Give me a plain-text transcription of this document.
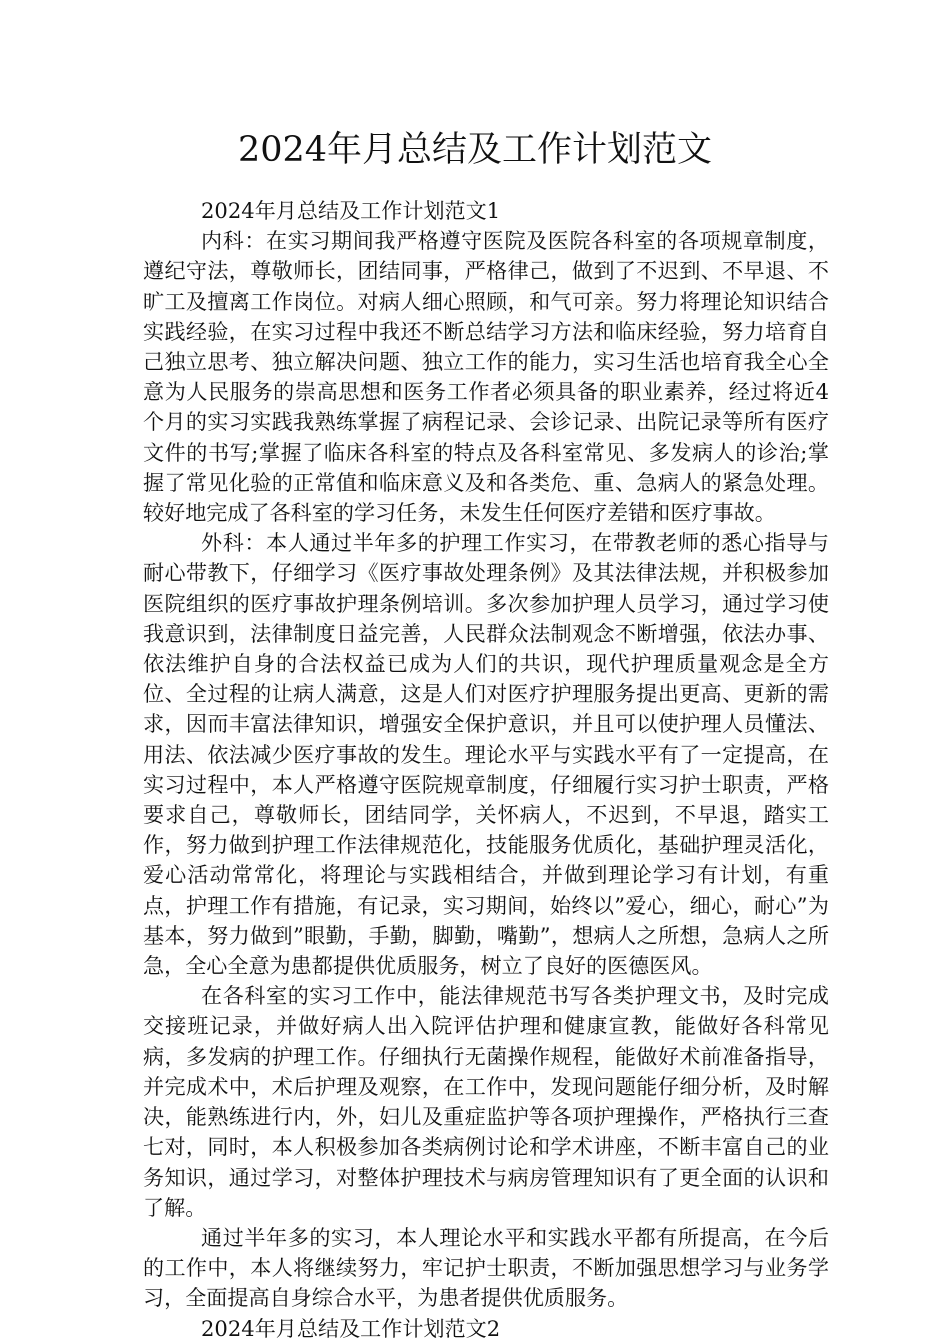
2024年月总结及工作计划范文

2024年月总结及工作计划范文1

内科：在实习期间我严格遵守医院及医院各科室的各项规章制度，遵纪守法，尊敬师长，团结同事，严格律己，做到了不迟到、不早退、不旷工及擅离工作岗位。对病人细心照顾，和气可亲。努力将理论知识结合实践经验，在实习过程中我还不断总结学习方法和临床经验，努力培育自己独立思考、独立解决问题、独立工作的能力，实习生活也培育我全心全意为人民服务的崇高思想和医务工作者必须具备的职业素养，经过将近4个月的实习实践我熟练掌握了病程记录、会诊记录、出院记录等所有医疗文件的书写;掌握了临床各科室的特点及各科室常见、多发病人的诊治;掌握了常见化验的正常值和临床意义及和各类危、重、急病人的紧急处理。较好地完成了各科室的学习任务，未发生任何医疗差错和医疗事故。

外科：本人通过半年多的护理工作实习，在带教老师的悉心指导与耐心带教下，仔细学习《医疗事故处理条例》及其法律法规，并积极参加医院组织的医疗事故护理条例培训。多次参加护理人员学习，通过学习使我意识到，法律制度日益完善，人民群众法制观念不断增强，依法办事、依法维护自身的合法权益已成为人们的共识，现代护理质量观念是全方位、全过程的让病人满意，这是人们对医疗护理服务提出更高、更新的需求，因而丰富法律知识，增强安全保护意识，并且可以使护理人员懂法、用法、依法减少医疗事故的发生。理论水平与实践水平有了一定提高，在实习过程中，本人严格遵守医院规章制度，仔细履行实习护士职责，严格要求自己，尊敬师长，团结同学，关怀病人，不迟到，不早退，踏实工作，努力做到护理工作法律规范化，技能服务优质化，基础护理灵活化，爱心活动常常化，将理论与实践相结合，并做到理论学习有计划，有重点，护理工作有措施，有记录，实习期间，始终以”爱心，细心，耐心”为基本，努力做到”眼勤，手勤，脚勤，嘴勤”，想病人之所想，急病人之所急，全心全意为患都提供优质服务，树立了良好的医德医风。

在各科室的实习工作中，能法律规范书写各类护理文书，及时完成交接班记录，并做好病人出入院评估护理和健康宣教，能做好各科常见病，多发病的护理工作。仔细执行无菌操作规程，能做好术前准备指导，并完成术中，术后护理及观察，在工作中，发现问题能仔细分析，及时解决，能熟练进行内，外，妇儿及重症监护等各项护理操作，严格执行三查七对，同时，本人积极参加各类病例讨论和学术讲座，不断丰富自己的业务知识，通过学习，对整体护理技术与病房管理知识有了更全面的认识和了解。

通过半年多的实习，本人理论水平和实践水平都有所提高，在今后的工作中，本人将继续努力，牢记护士职责，不断加强思想学习与业务学习，全面提高自身综合水平，为患者提供优质服务。

2024年月总结及工作计划范文2
